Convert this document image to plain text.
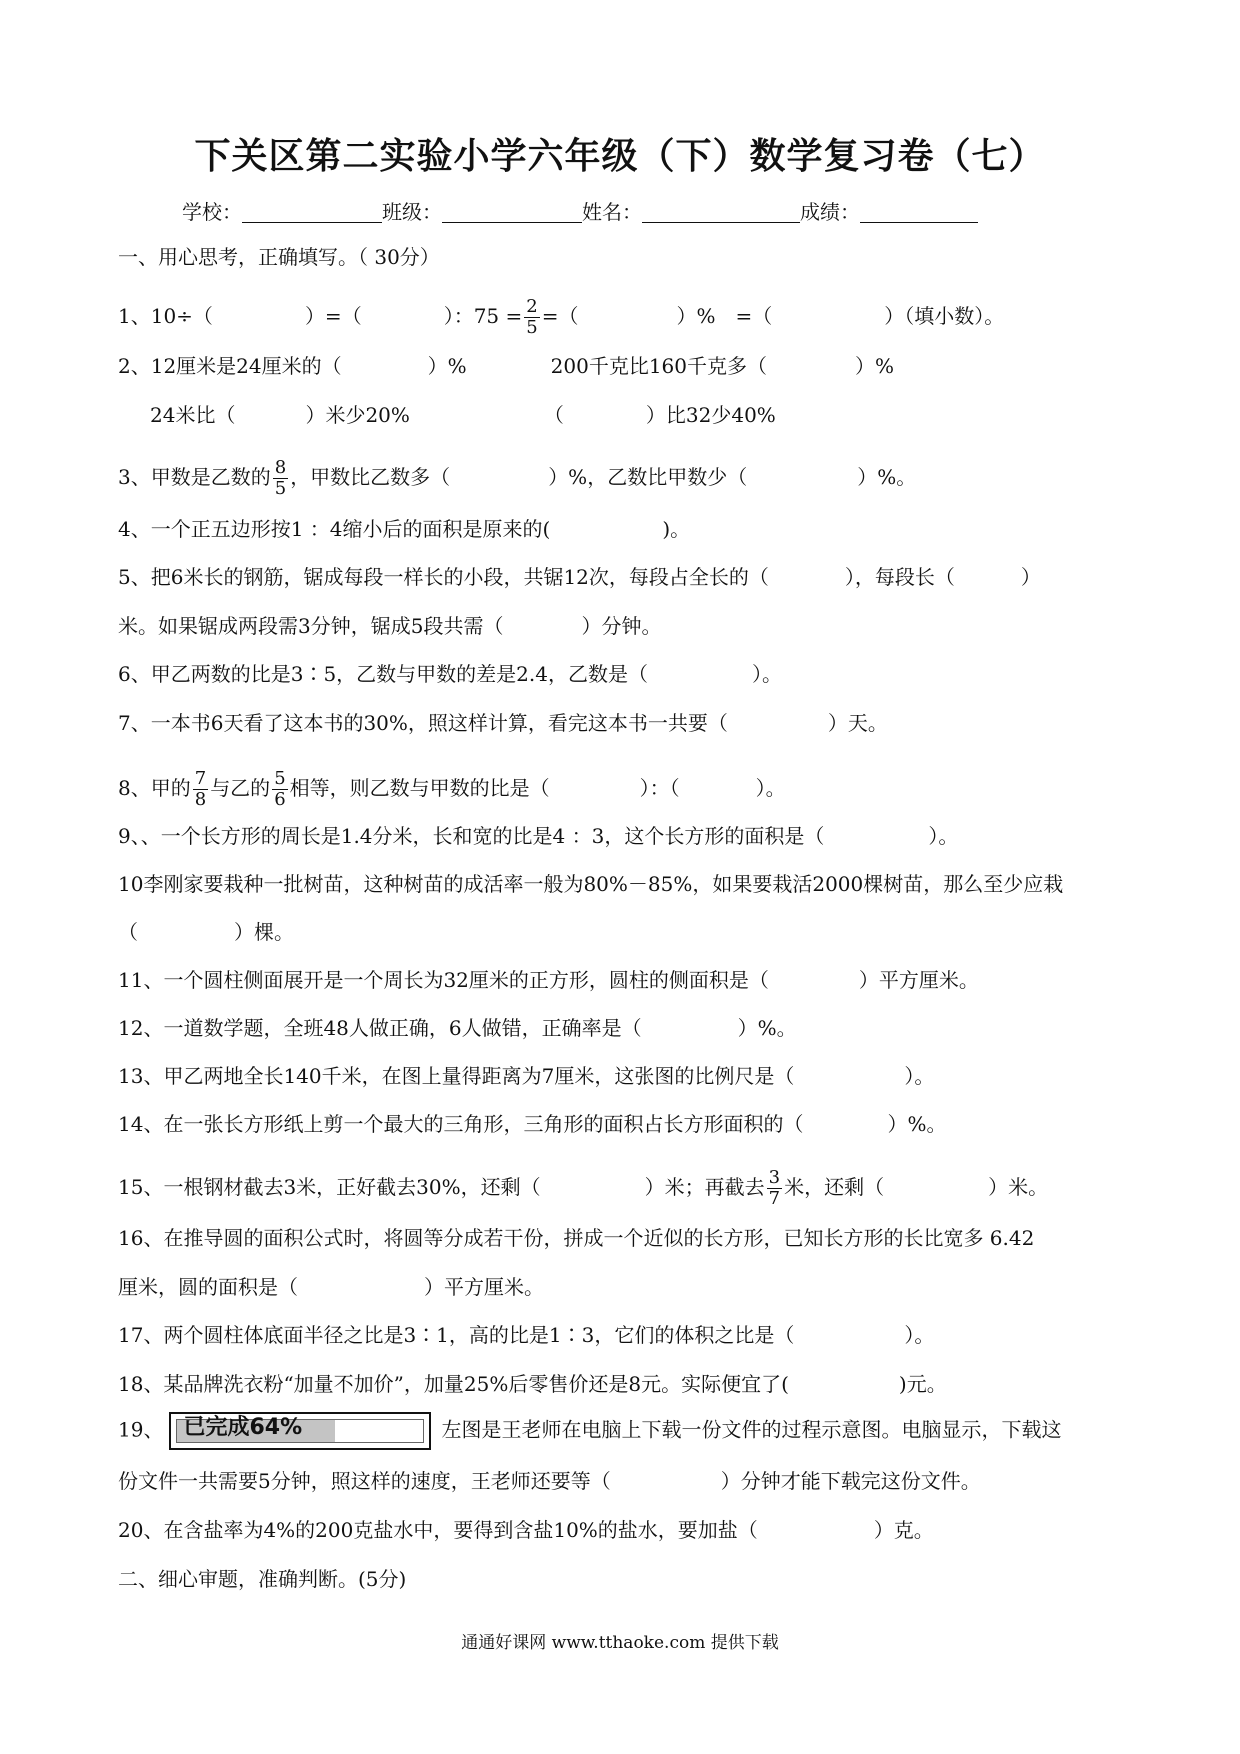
下关区第二实验小学六年级（下）数学复习卷（七）
学校：	班级：	姓名：	成绩：
一、用心思考，正确填写。（ 30分）
1、10÷（	）=（	）：$75 = \frac{2}{5}$ =（	）%　=（	）（填小数）。
2、12厘米是24厘米的（	）%	200千克比160千克多（	）%
24米比（	）米少20%	（	）比32少40%
3、甲数是乙数的 $\frac{8}{5}$ ，甲数比乙数多（	）%，乙数比甲数少（	）%。
4、一个正五边形按1 ：4缩小后的面积是原来的(	)。
5、把6米长的钢筋，锯成每段一样长的小段，共锯12次，每段占全长的（	），每段长（	）
米。如果锯成两段需3分钟，锯成5段共需（	）分钟。
6、甲乙两数的比是3∶5，乙数与甲数的差是2.4，乙数是（	）。
7、一本书6天看了这本书的30%，照这样计算，看完这本书一共要（	）天。
8、甲的 $\frac{7}{8}$ 与乙的 $\frac{5}{6}$ 相等，则乙数与甲数的比是（	）：（	）。
9、、一个长方形的周长是1.4分米，长和宽的比是4 ：3，这个长方形的面积是（	）。
10李刚家要栽种一批树苗，这种树苗的成活率一般为80%－85%，如果要栽活2000棵树苗，那么至少应栽
（	）棵。
11、一个圆柱侧面展开是一个周长为32厘米的正方形，圆柱的侧面积是（	）平方厘米。
12、一道数学题，全班48人做正确，6人做错，正确率是（	）%。
13、甲乙两地全长140千米，在图上量得距离为7厘米，这张图的比例尺是（	）。
14、在一张长方形纸上剪一个最大的三角形，三角形的面积占长方形面积的（	）%。
15、一根钢材截去3米，正好截去30%，还剩（	）米；再截去 $\frac{3}{7}$ 米，还剩（	）米。
16、在推导圆的面积公式时，将圆等分成若干份，拼成一个近似的长方形，已知长方形的长比宽多 6.42
厘米，圆的面积是（	）平方厘米。
17、两个圆柱体底面半径之比是3∶1，高的比是1∶3，它们的体积之比是（	）。
18、某品牌洗衣粉“加量不加价”，加量25%后零售价还是8元。实际便宜了(	)元。
19、 已完成64%	左图是王老师在电脑上下载一份文件的过程示意图。电脑显示，下载这
份文件一共需要5分钟，照这样的速度，王老师还要等（	）分钟才能下载完这份文件。
20、在含盐率为4%的200克盐水中，要得到含盐10%的盐水，要加盐（	）克。
二、细心审题，准确判断。(5分)
通通好课网 www.tthaoke.com 提供下载
